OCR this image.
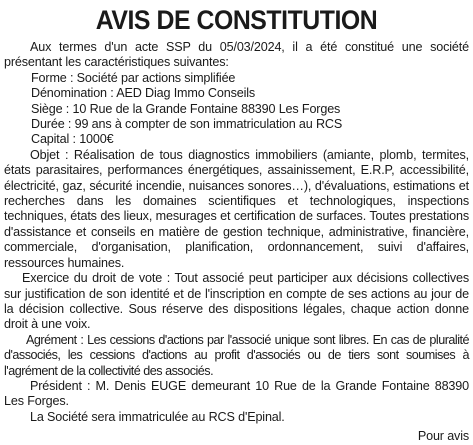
AVIS DE CONSTITUTION

Aux termes d'un acte SSP du 05/03/2024, il a été constitué une société présentant les caractéristiques suivantes:

Forme : Société par actions simplifiée

Dénomination : AED Diag Immo Conseils

Siège : 10 Rue de la Grande Fontaine 88390 Les Forges

Durée : 99 ans à compter de son immatriculation au RCS

Capital : 1000€

Objet : Réalisation de tous diagnostics immobiliers (amiante, plomb, termites, états parasitaires, performances énergétiques, assainissement, E.R.P, accessibilité, électricité, gaz, sécurité incendie, nuisances sonores…), d'évaluations, estimations et recherches dans les domaines scientifiques et technologiques, inspections techniques, états des lieux, mesurages et certification de surfaces. Toutes prestations d'assistance et conseils en matière de gestion technique, administrative, financière, commerciale, d'organisation, planification, ordonnancement, suivi d'affaires, ressources humaines.

Exercice du droit de vote : Tout associé peut participer aux décisions collectives sur justification de son identité et de l'inscription en compte de ses actions au jour de la décision collective. Sous réserve des dispositions légales, chaque action donne droit à une voix.

Agrément : Les cessions d'actions par l'associé unique sont libres. En cas de pluralité d'associés, les cessions d'actions au profit d'associés ou de tiers sont soumises à l'agrément de la collectivité des associés.

Président : M. Denis EUGE demeurant 10 Rue de la Grande Fontaine 88390 Les Forges.

La Société sera immatriculée au RCS d'Epinal.

Pour avis
